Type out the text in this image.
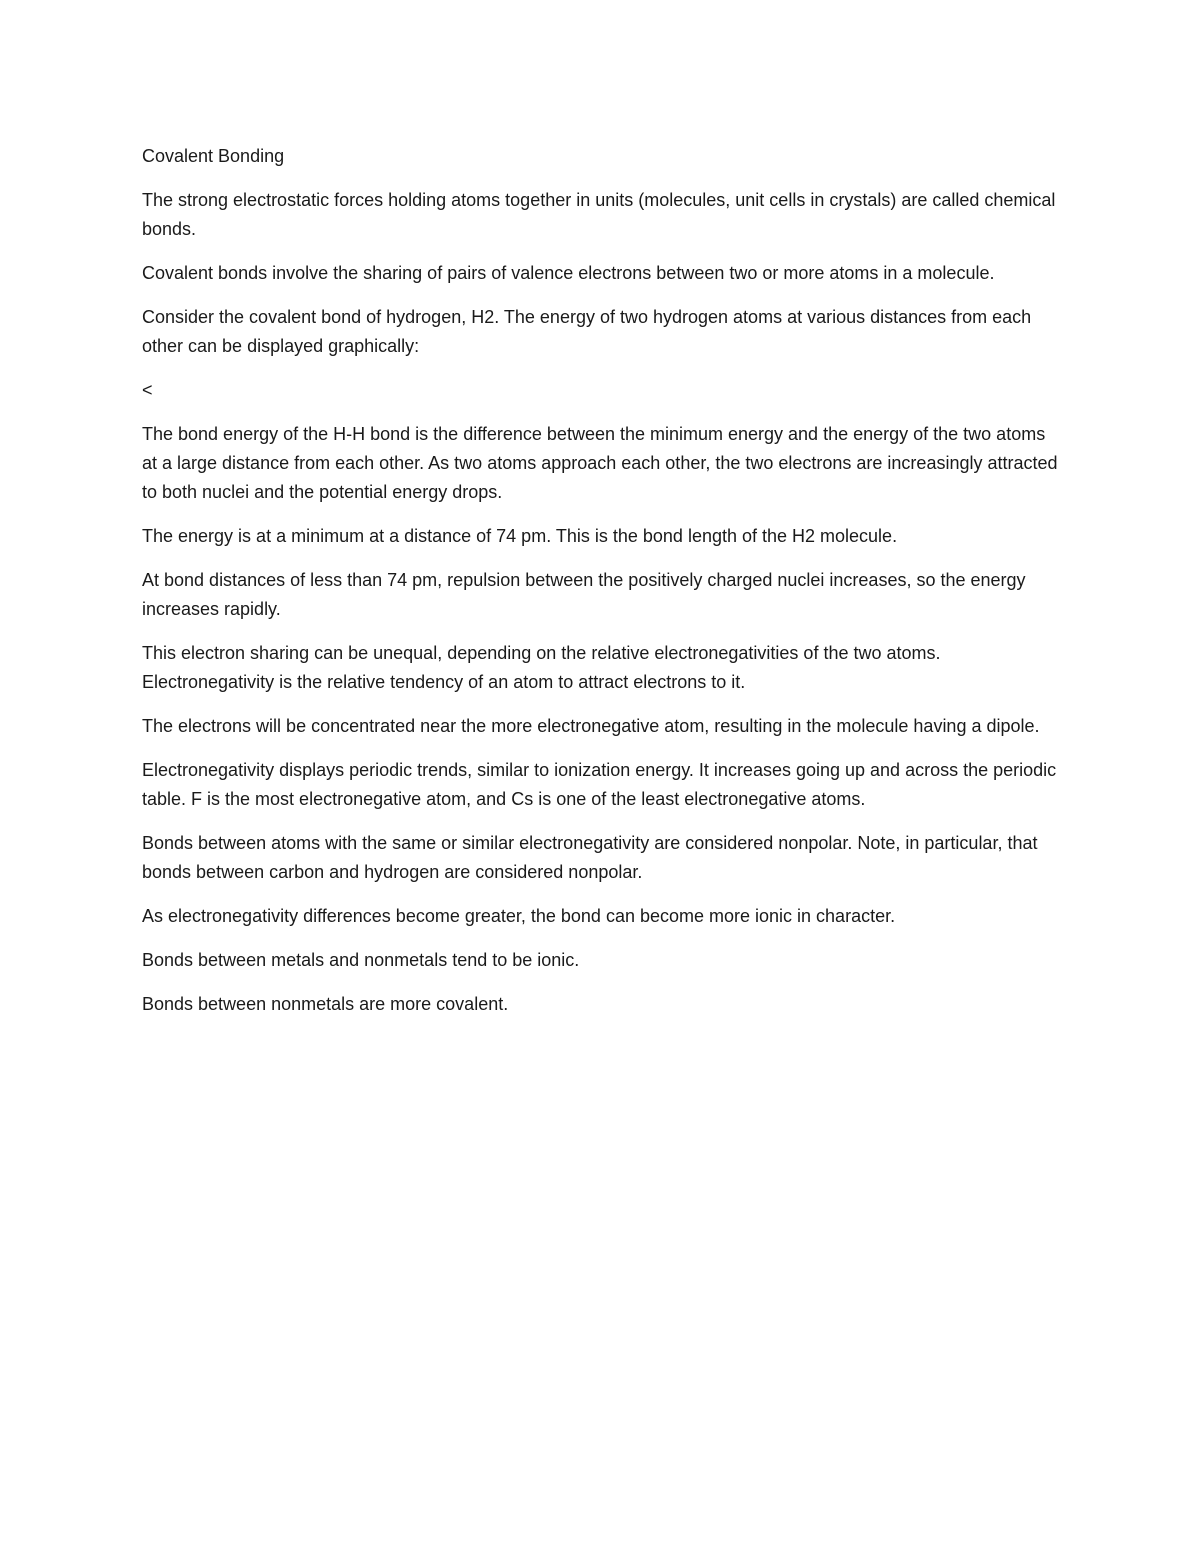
Covalent Bonding

The strong electrostatic forces holding atoms together in units (molecules, unit cells in crystals) are called chemical bonds.

Covalent bonds involve the sharing of pairs of valence electrons between two or more atoms in a molecule.

Consider the covalent bond of hydrogen, H2. The energy of two hydrogen atoms at various distances from each other can be displayed graphically:

<

The bond energy of the H-H bond is the difference between the minimum energy and the energy of the two atoms at a large distance from each other. As two atoms approach each other, the two electrons are increasingly attracted to both nuclei and the potential energy drops.

The energy is at a minimum at a distance of 74 pm. This is the bond length of the H2 molecule.

At bond distances of less than 74 pm, repulsion between the positively charged nuclei increases, so the energy increases rapidly.

This electron sharing can be unequal, depending on the relative electronegativities of the two atoms. Electronegativity is the relative tendency of an atom to attract electrons to it.

The electrons will be concentrated near the more electronegative atom, resulting in the molecule having a dipole.

Electronegativity displays periodic trends, similar to ionization energy. It increases going up and across the periodic table. F is the most electronegative atom, and Cs is one of the least electronegative atoms.

Bonds between atoms with the same or similar electronegativity are considered nonpolar. Note, in particular, that bonds between carbon and hydrogen are considered nonpolar.

As electronegativity differences become greater, the bond can become more ionic in character.

Bonds between metals and nonmetals tend to be ionic.

Bonds between nonmetals are more covalent.
